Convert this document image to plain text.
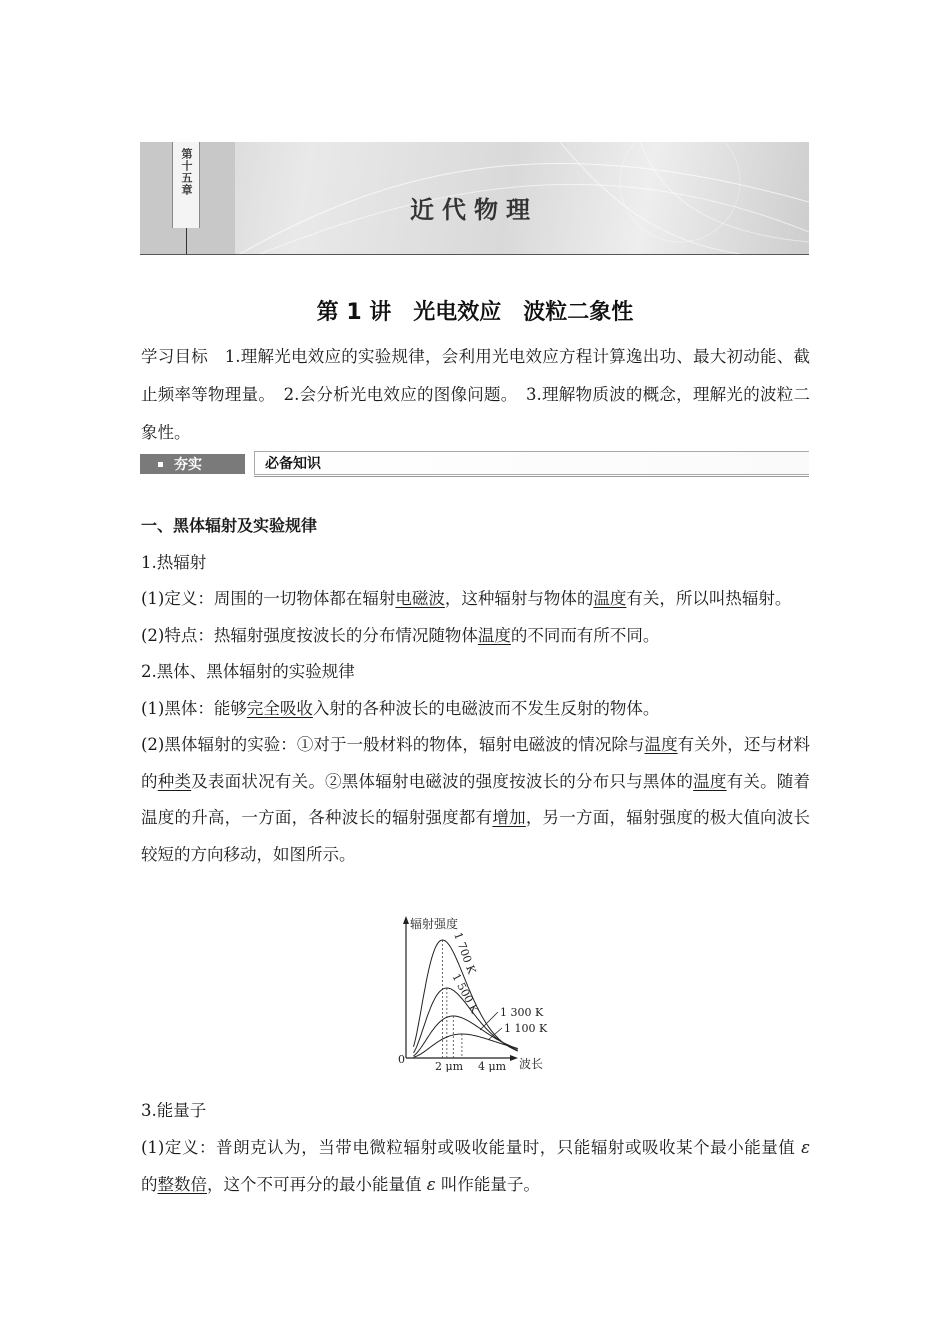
第十五章
近代物理
第 1 讲　光电效应　波粒二象性
学习目标　 1.理解光电效应的实验规律，会利用光电效应方程计算逸出功、最大初动能、截止频率等物理量。　2.会分析光电效应的图像问题。　3.理解物质波的概念，理解光的波粒二象性。
夯实	必备知识

一、黑体辐射及实验规律

1.热辐射

(1)定义：周围的一切物体都在辐射电磁波，这种辐射与物体的温度有关，所以叫热辐射。

(2)特点：热辐射强度按波长的分布情况随物体温度的不同而有所不同。

2.黑体、黑体辐射的实验规律

(1)黑体：能够完全吸收入射的各种波长的电磁波而不发生反射的物体。

(2)黑体辐射的实验：①对于一般材料的物体，辐射电磁波的情况除与温度有关外，还与材料的种类及表面状况有关。②黑体辐射电磁波的强度按波长的分布只与黑体的温度有关。随着温度的升高，一方面，各种波长的辐射强度都有增加，另一方面，辐射强度的极大值向波长较短的方向移动，如图所示。

辐射强度
波长
0
2 μm 4 μm
1 700 K
1 500 K 1 300 K
1 100 K

3.能量子

(1)定义：普朗克认为，当带电微粒辐射或吸收能量时，只能辐射或吸收某个最小能量值 ε 的整数倍，这个不可再分的最小能量值 ε 叫作能量子。
